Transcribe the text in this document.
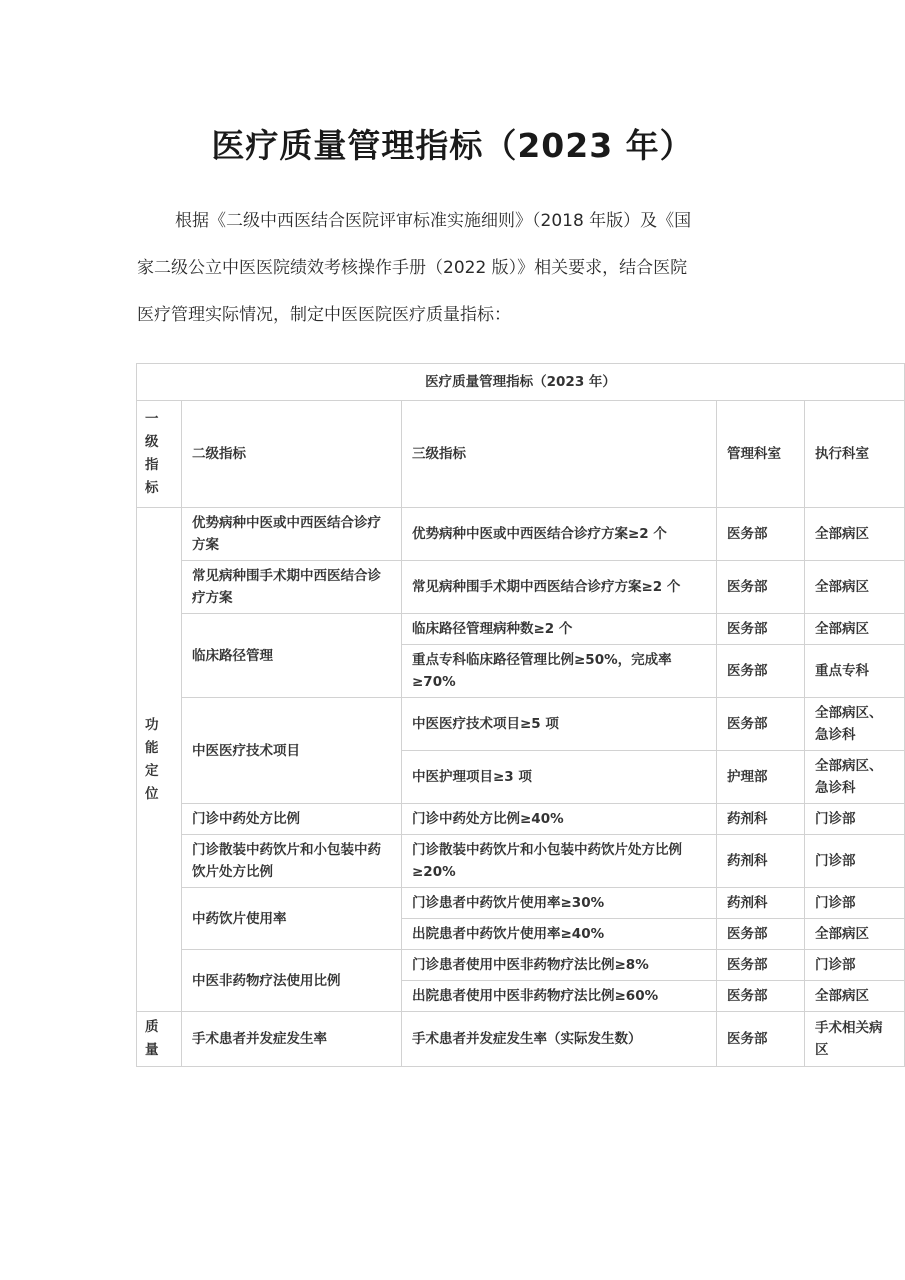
医疗质量管理指标（2023 年）

根据《二级中西医结合医院评审标准实施细则》（2018 年版）及《国

家二级公立中医医院绩效考核操作手册（2022 版）》相关要求，结合医院

医疗管理实际情况，制定中医医院医疗质量指标：

医疗质量管理指标（2023 年）				

一
级
指
标	二级指标	三级指标	管理科室	执行科室

功
能
定
位	优势病种中医或中西医结合诊疗方案	优势病种中医或中西医结合诊疗方案≥2 个	医务部	全部病区
	常见病种围手术期中西医结合诊疗方案	常见病种围手术期中西医结合诊疗方案≥2 个	医务部	全部病区
	临床路径管理	临床路径管理病种数≥2 个	医务部	全部病区
		重点专科临床路径管理比例≥50%，完成率≥70%	医务部	重点专科
	中医医疗技术项目	中医医疗技术项目≥5 项	医务部	全部病区、急诊科
		中医护理项目≥3 项	护理部	全部病区、急诊科
	门诊中药处方比例	门诊中药处方比例≥40%	药剂科	门诊部
	门诊散装中药饮片和小包装中药饮片处方比例	门诊散装中药饮片和小包装中药饮片处方比例≥20%	药剂科	门诊部
	中药饮片使用率	门诊患者中药饮片使用率≥30%	药剂科	门诊部
		出院患者中药饮片使用率≥40%	医务部	全部病区
	中医非药物疗法使用比例	门诊患者使用中医非药物疗法比例≥8%	医务部	门诊部
		出院患者使用中医非药物疗法比例≥60%	医务部	全部病区

质
量	手术患者并发症发生率	手术患者并发症发生率（实际发生数）	医务部	手术相关病区
